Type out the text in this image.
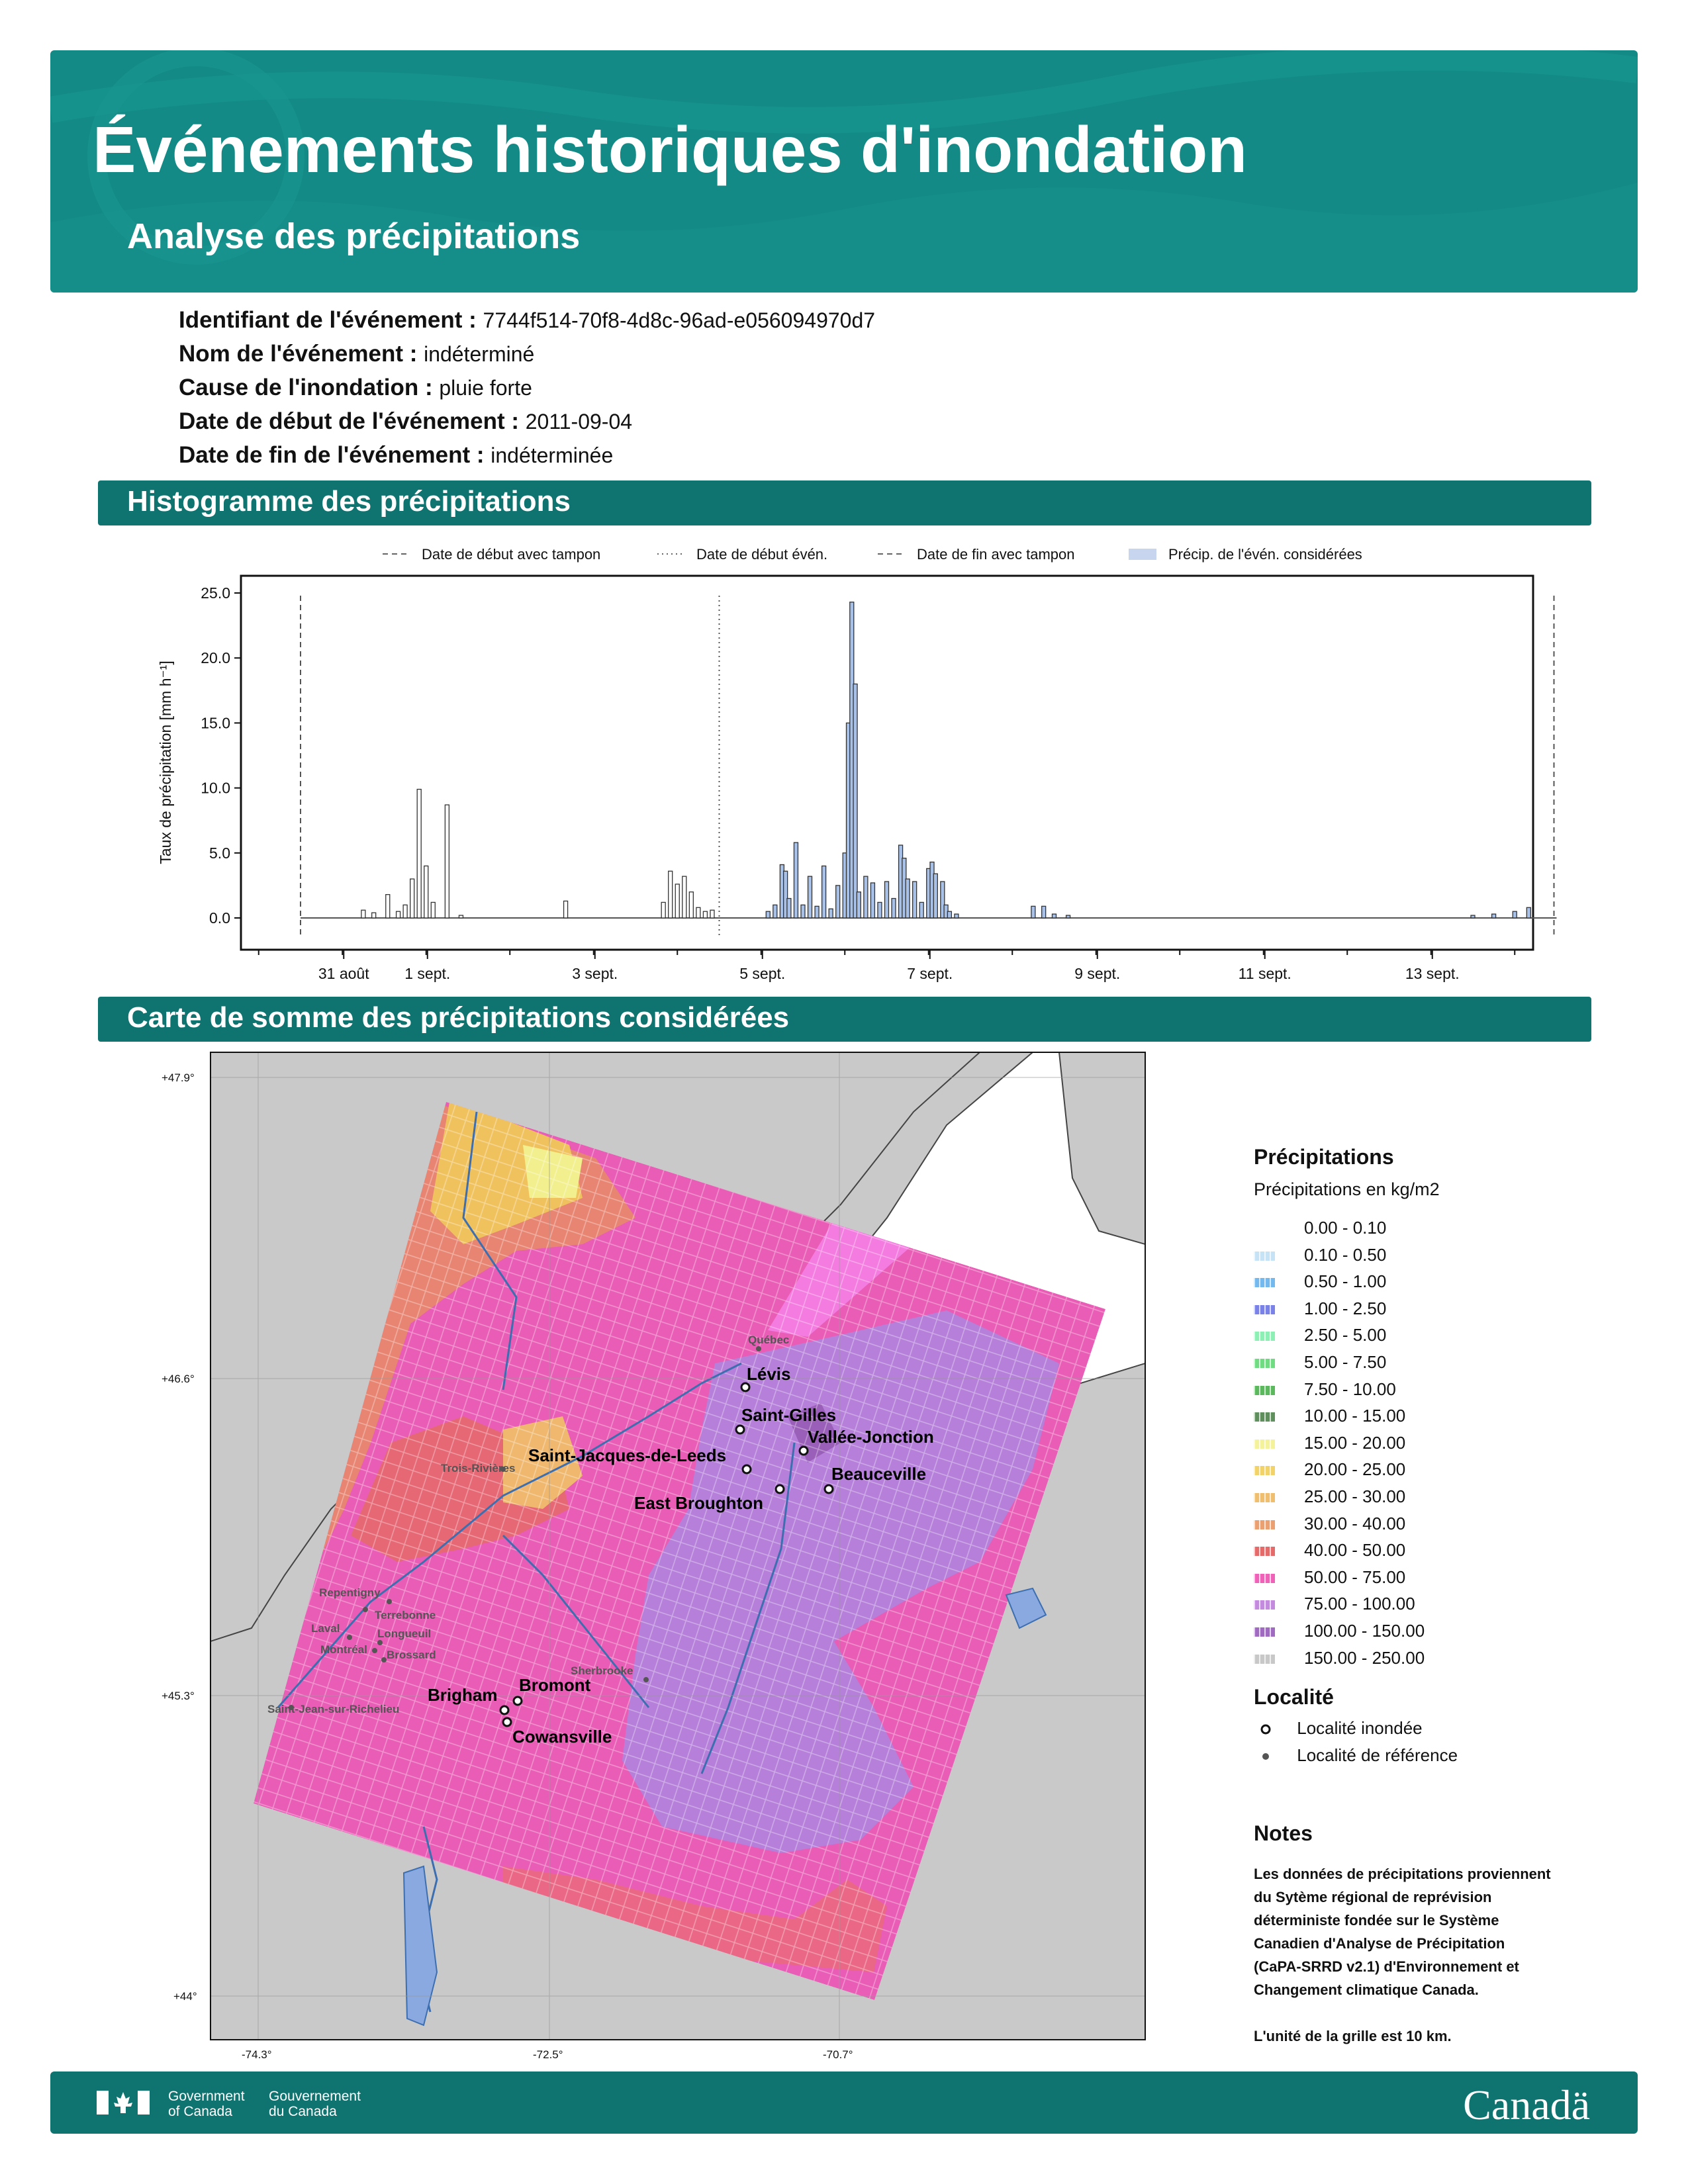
Événements historiques d'inondation
Analyse des précipitations
Identifiant de l'événement : 7744f514-70f8-4d8c-96ad-e056094970d7
Nom de l'événement : indéterminé
Cause de l'inondation : pluie forte
Date de début de l'événement : 2011-09-04
Date de fin de l'événement : indéterminée
Histogramme des précipitations
Date de début avec tampon	Date de début évén.	Date de fin avec tampon	Précip. de l'évén. considérées
0.0
5.0
10.0
15.0
20.0
25.0
31 août 1 sept.	3 sept.	5 sept.	7 sept.	9 sept.	11 sept.	13 sept.
Taux de précipitation [mm h⁻¹]
Carte de somme des précipitations considérées
+47.9°
+46.6°
+45.3°
+44°
-74.3°	-72.5°	-70.7°
Lévis
Saint-Gilles
Vallée-Jonction
Saint-Jacques-de-Leeds
Beauceville
East Broughton
Brigham Bromont
Cowansville
Québec
Trois-Rivières
Repentigny
Terrebonne
Laval	Longueuil
Montréal Brossard
Sherbrooke
Saint-Jean-sur-Richelieu
Précipitations
Précipitations en kg/m2
0.00 - 0.10
0.10 - 0.50
0.50 - 1.00
1.00 - 2.50
2.50 - 5.00
5.00 - 7.50
7.50 - 10.00
10.00 - 15.00
15.00 - 20.00
20.00 - 25.00
25.00 - 30.00
30.00 - 40.00
40.00 - 50.00
50.00 - 75.00
75.00 - 100.00
100.00 - 150.00
150.00 - 250.00
Localité
Localité inondée
Localité de référence
Notes
Les données de précipitations proviennent
du Sytème régional de reprévision
déterministe fondée sur le Système
Canadien d'Analyse de Précipitation
(CaPA-SRRD v2.1) d'Environnement et
Changement climatique Canada.

L'unité de la grille est 10 km.
Government
of Canada
Gouvernement
du Canada	Canadä
